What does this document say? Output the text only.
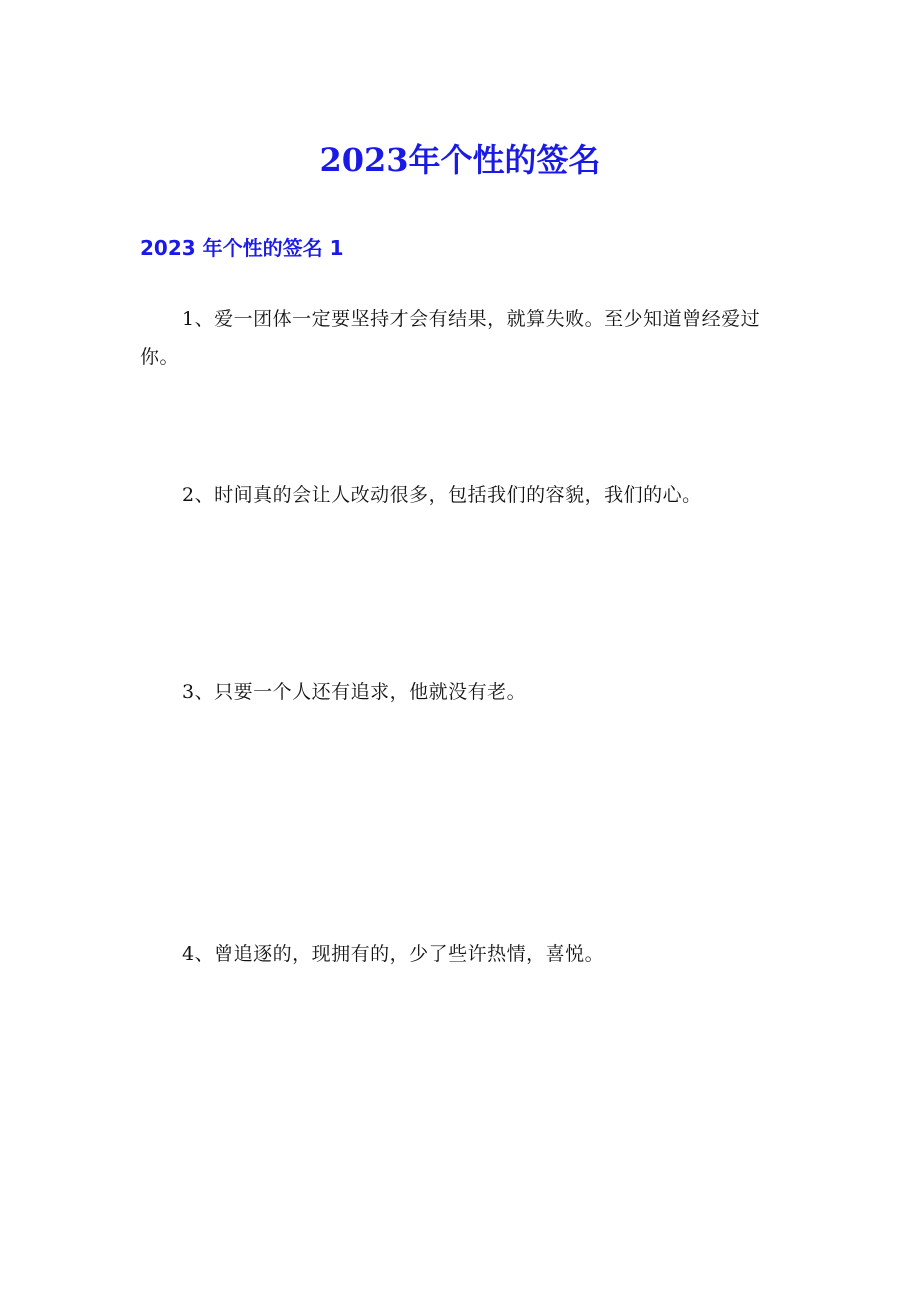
2023年个性的签名
2023 年个性的签名 1

1、爱一团体一定要坚持才会有结果，就算失败。至少知道曾经爱过你。

2、时间真的会让人改动很多，包括我们的容貌，我们的心。

3、只要一个人还有追求，他就没有老。

4、曾追逐的，现拥有的，少了些许热情，喜悦。
